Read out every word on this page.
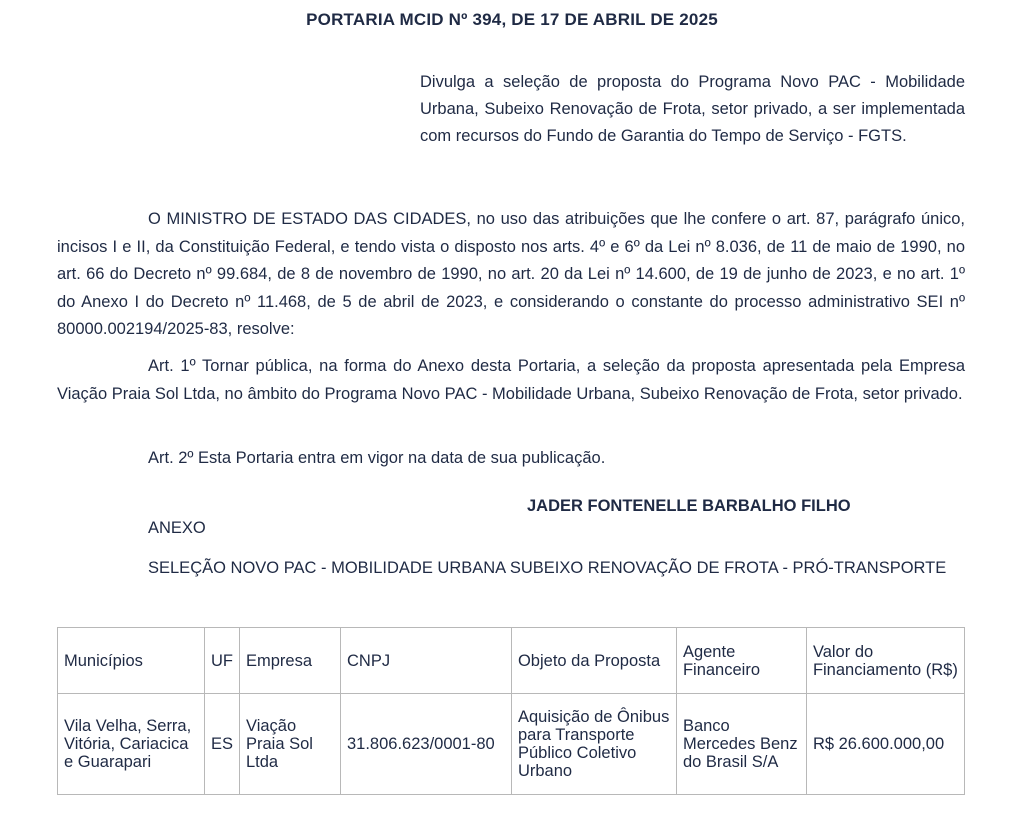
PORTARIA MCID Nº 394, DE 17 DE ABRIL DE 2025
Divulga a seleção de proposta do Programa Novo PAC - Mobilidade Urbana, Subeixo Renovação de Frota, setor privado, a ser implementada com recursos do Fundo de Garantia do Tempo de Serviço - FGTS.
O MINISTRO DE ESTADO DAS CIDADES, no uso das atribuições que lhe confere o art. 87, parágrafo único, incisos I e II, da Constituição Federal, e tendo vista o disposto nos arts. 4º e 6º da Lei nº 8.036, de 11 de maio de 1990, no art. 66 do Decreto nº 99.684, de 8 de novembro de 1990, no art. 20 da Lei nº 14.600, de 19 de junho de 2023, e no art. 1º do Anexo I do Decreto nº 11.468, de 5 de abril de 2023, e considerando o constante do processo administrativo SEI nº 80000.002194/2025-83, resolve:
Art. 1º Tornar pública, na forma do Anexo desta Portaria, a seleção da proposta apresentada pela Empresa Viação Praia Sol Ltda, no âmbito do Programa Novo PAC - Mobilidade Urbana, Subeixo Renovação de Frota, setor privado.
Art. 2º Esta Portaria entra em vigor na data de sua publicação.
JADER FONTENELLE BARBALHO FILHO
ANEXO
SELEÇÃO NOVO PAC - MOBILIDADE URBANA SUBEIXO RENOVAÇÃO DE FROTA - PRÓ-TRANSPORTE
Municípios	UF	Empresa	CNPJ	Objeto da Proposta	Agente Financeiro	Valor do Financiamento (R$)
Vila Velha, Serra, Vitória, Cariacica e Guarapari	ES	Viação Praia Sol Ltda	31.806.623/0001-80	Aquisição de Ônibus para Transporte Público Coletivo Urbano	Banco Mercedes Benz do Brasil S/A	R$ 26.600.000,00
